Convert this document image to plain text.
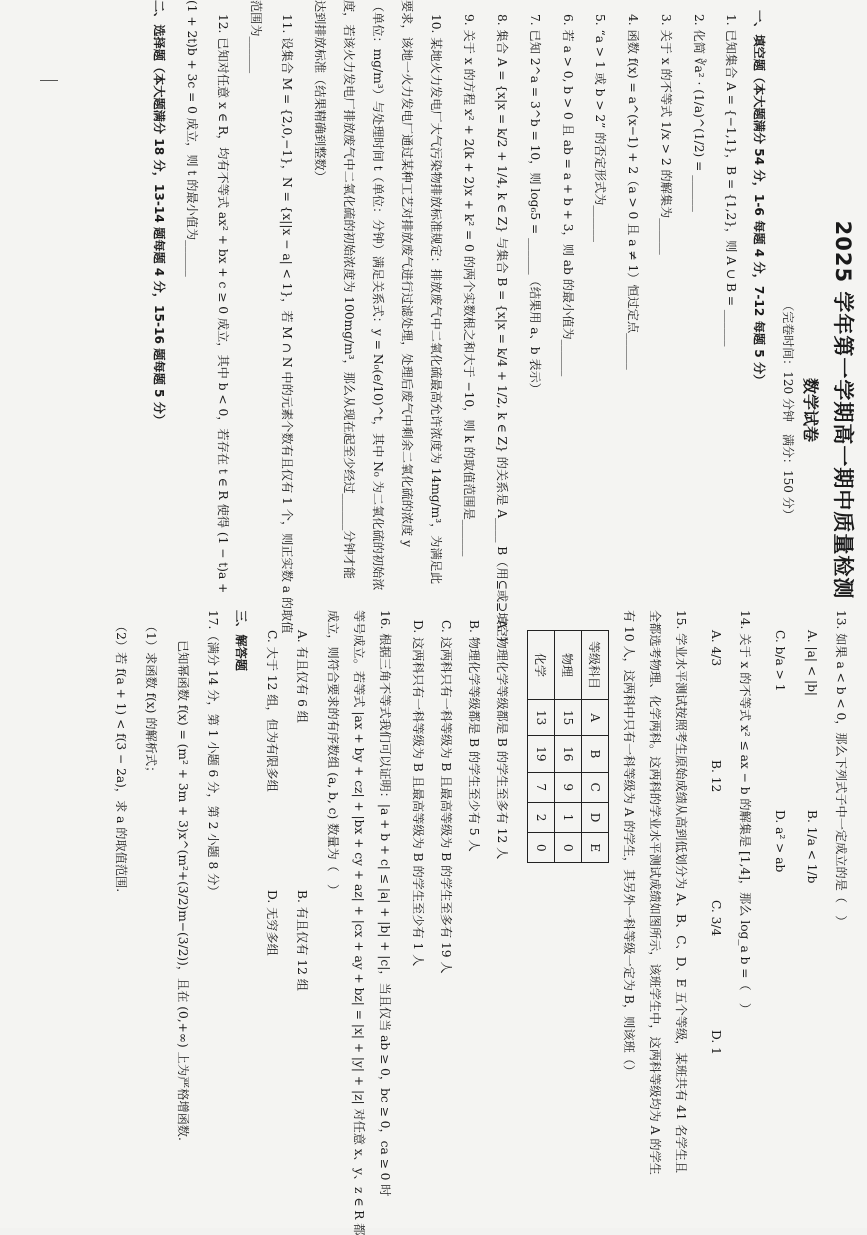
2025 学年第一学期高一期中质量检测
数学试卷
（完卷时间：120 分钟　满分：150 分）
一、填空题（本大题满分 54 分，1-6 每题 4 分，7-12 每题 5 分）
1. 已知集合 A = {−1,1}，B = {1,2}，则 A ∪ B = ______
2. 化简 ∛a² · (1/a)^(1/2) = ______
3. 关于 x 的不等式 1/x > 2 的解集为______
4. 函数 f(x) = a^(x−1) + 2（a > 0 且 a ≠ 1）恒过定点______
5. “a > 1 或 b > 2” 的否定形式为______
6. 若 a > 0, b > 0 且 ab = a + b + 3，则 ab 的最小值为______
7. 已知 2^a = 3^b = 10，则 log₆5 = ______（结果用 a、b 表示）
8. 集合 A = {x|x = k/2 + 1/4, k ∈ Z} 与集合 B = {x|x = k/4 + 1/2, k ∈ Z} 的关系是 A____ B（用⊆或⊇填空）
9. 关于 x 的方程 x² + 2(k + 2)x + k² = 0 的两个实数根之和大于 −10，则 k 的取值范围是______
10. 某地火力发电厂大气污染物排放标准规定：排放废气中二氧化硫最高允许浓度为 14mg/m³，为满足此
要求，该地一火力发电厂通过某种工艺对排放废气进行过滤处理，处理后废气中剩余二氧化硫的浓度 y
（单位：mg/m³）与处理时间 t（单位：分钟）满足关系式：y = N₀(e/10)^t，其中 N₀ 为二氧化硫的初始浓
度，若该火力发电厂排放废气中二氧化硫的初始浓度为 100mg/m³，那么从现在起至少经过______分钟才能
达到排放标准（结果精确到整数）
11. 设集合 M = {2,0,−1}，N = {x||x − a| < 1}，若 M ∩ N 中的元素个数有且仅有 1 个，则正实数 a 的取值
范围为______
12. 已知对任意 x ∈ R，均有不等式 ax² + bx + c ≥ 0 成立，其中 b < 0，若存在 t ∈ R 使得 (1 − t)a +
(1 + 2t)b + 3c = 0 成立，则 t 的最小值为______
二、选择题（本大题满分 18 分，13-14 题每题 4 分，15-16 题每题 5 分）
13. 如果 a < b < 0，那么下列式子中一定成立的是（　）
A. |a| < |b|
B. 1/a < 1/b
C. b/a > 1
D. a² > ab
14. 关于 x 的不等式 x² ≤ ax − b 的解集是 [1,4]，那么 log_a b =（　）
A. 4/3
B. 12
C. 3/4
D. 1
15. 学业水平测试按照考生原始成绩从高到低划分为 A、B、C、D、E 五个等级，某班共有 41 名学生且
全都选考物理、化学两科。这两科的学业水平测试成绩如图所示，该班学生中，这两科等级均为 A 的学生
有 10 人，这两科中只有一科等级为 A 的学生，其另外一科等级一定为 B，则该班（）
等级科目	A	B	C	D	E
物理	15	16	9	1	0
化学	13	19	7	2	0
A. 物理化学等级都是 B 的学生至多有 12 人
B. 物理化学等级都是 B 的学生至少有 5 人
C. 这两科只有一科等级为 B 且最高等级为 B 的学生至多有 19 人
D. 这两科只有一科等级为 B 且最高等级为 B 的学生至少有 1 人
16. 根据三角不等式我们可以证明：|a + b + c| ≤ |a| + |b| + |c|，当且仅当 ab ≥ 0，bc ≥ 0，ca ≥ 0 时
等号成立。若等式 |ax + by + cz| + |bx + cy + az| + |cx + ay + bz| = |x| + |y| + |z| 对任意 x、y、z ∈ R 都
成立，则符合要求的有序数组 (a, b, c) 数量为（　）
A. 有且仅有 6 组
B. 有且仅有 12 组
C. 大于 12 组，但为有限多组
D. 无穷多组
三、解答题
17.（满分 14 分，第 1 小题 6 分，第 2 小题 8 分）
已知幂函数 f(x) = (m² + 3m + 3)x^(m²+(3/2)m−(3/2))，且在 (0,+∞) 上为严格增函数.
（1）求函数 f(x) 的解析式；
（2）若 f(a + 1) < f(3 − 2a)，求 a 的取值范围.
